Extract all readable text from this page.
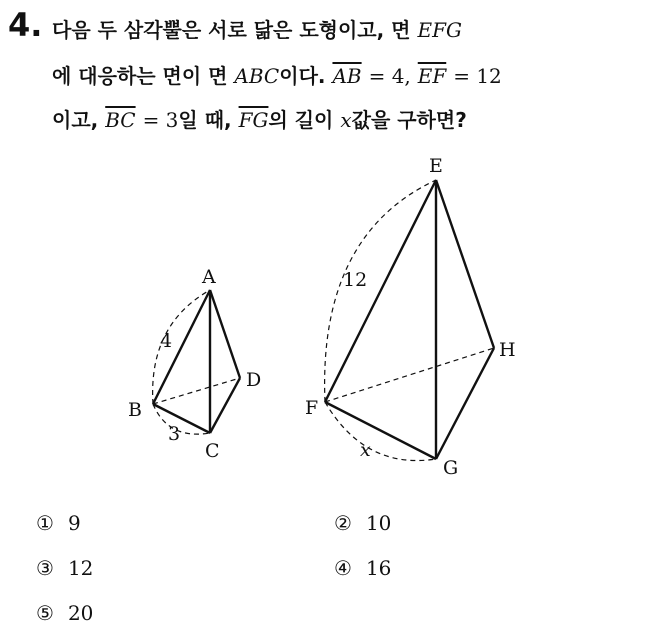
4. 다음 두 삼각뿔은 서로 닮은 도형이고, 면 EFG
에 대응하는 면이 면 ABC이다. $\overline{AB} = 4$, $\overline{EF} = 12$
이고, $\overline{BC} = 3$일 때, $\overline{FG}$의 길이 x값을 구하면?
A
B
C
D
4
3
E
F
G
H
12
x
① 9	② 10
③ 12	④ 16
⑤ 20
